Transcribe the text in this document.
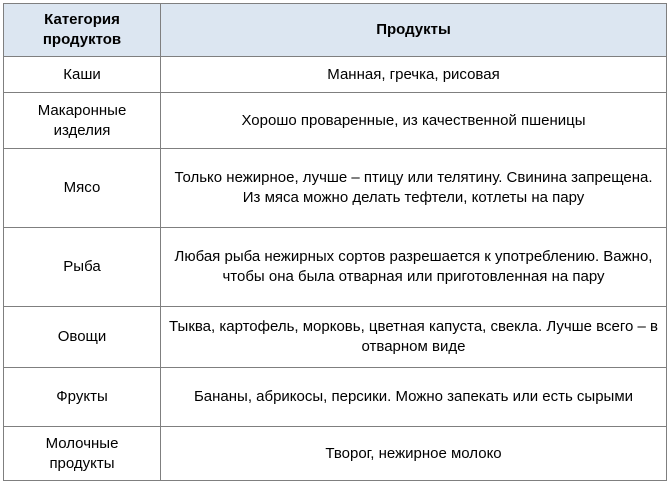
Категория продуктов	Продукты
Каши	Манная, гречка, рисовая
Макаронные изделия	Хорошо проваренные, из качественной пшеницы
Мясо	Только нежирное, лучше – птицу или телятину. Свинина запрещена. Из мяса можно делать тефтели, котлеты на пару
Рыба	Любая рыба нежирных сортов разрешается к употреблению. Важно, чтобы она была отварная или приготовленная на пару
Овощи	Тыква, картофель, морковь, цветная капуста, свекла. Лучше всего – в отварном виде
Фрукты	Бананы, абрикосы, персики. Можно запекать или есть сырыми
Молочные продукты	Творог, нежирное молоко
